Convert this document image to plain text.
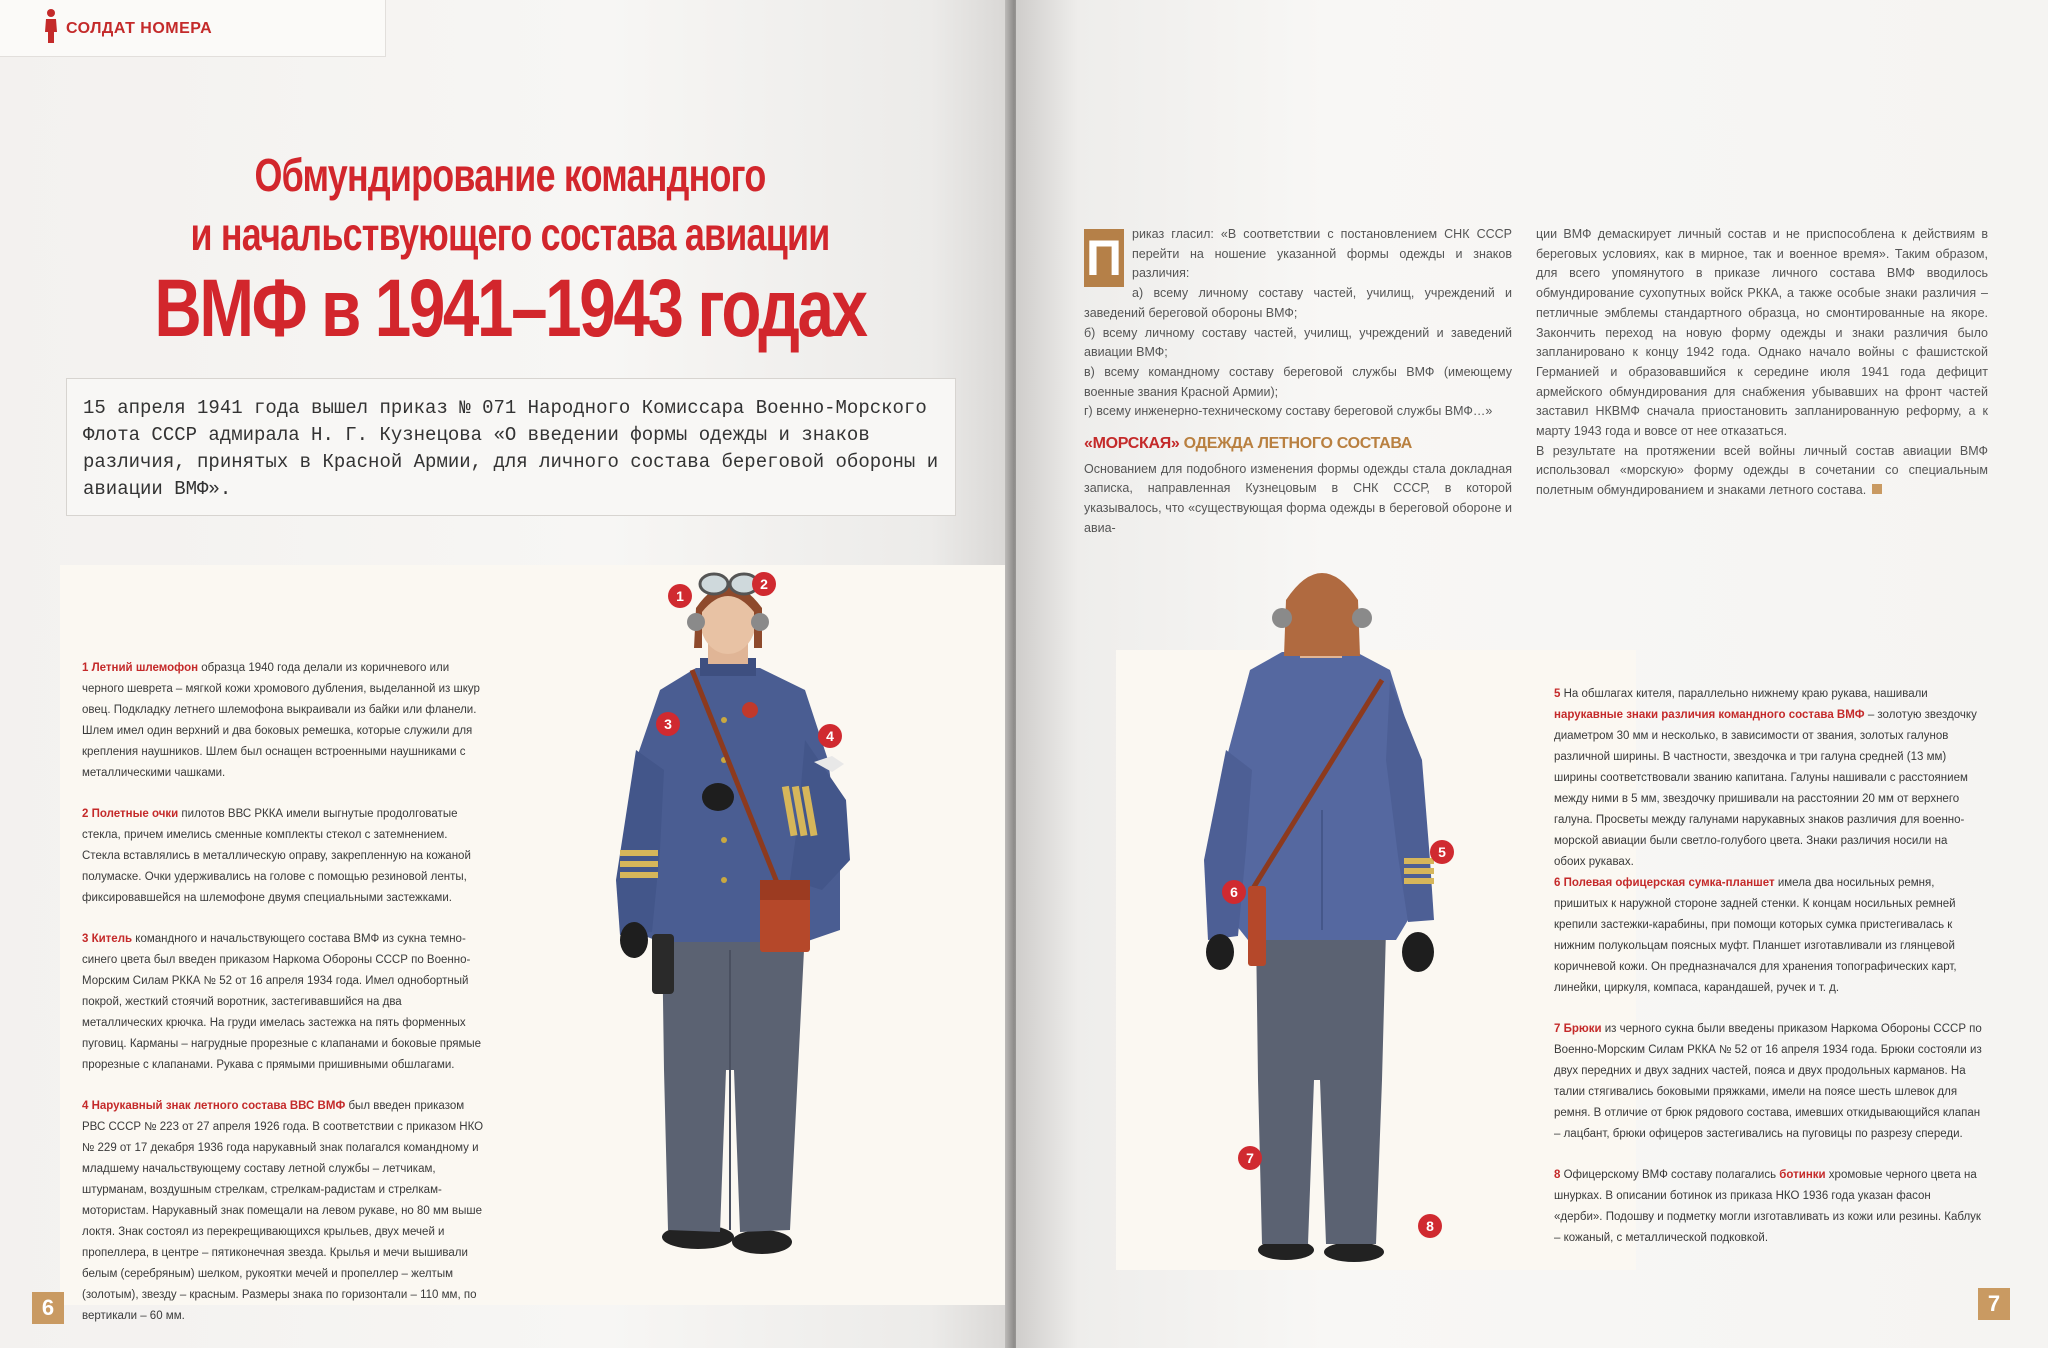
СОЛДАТ НОМЕРА
Обмундирование командного
и начальствующего состава авиации
ВМФ в 1941–1943 годах

15 апреля 1941 года вышел приказ № 071 Народного Комиссара Военно-Морского Флота СССР адмирала Н. Г. Кузнецова «О введении формы одежды и знаков различия, принятых в Красной Армии, для личного состава береговой обороны и авиации ВМФ».

1 Летний шлемофон образца 1940 года делали из коричневого или черного шеврета – мягкой кожи хромового дубления, выделанной из шкур овец. Подкладку летнего шлемофона выкраивали из байки или фланели. Шлем имел один верхний и два боковых ремешка, которые служили для крепления наушников. Шлем был оснащен встроенными наушниками с металлическими чашками.

2 Полетные очки пилотов ВВС РККА имели выгнутые продолговатые стекла, причем имелись сменные комплекты стекол с затемнением. Стекла вставлялись в металлическую оправу, закрепленную на кожаной полумаске. Очки удерживались на голове с помощью резиновой ленты, фиксировавшейся на шлемофоне двумя специальными застежками.

3 Китель командного и начальствующего состава ВМФ из сукна темно-синего цвета был введен приказом Наркома Обороны СССР по Военно-Морским Силам РККА № 52 от 16 апреля 1934 года. Имел однобортный покрой, жесткий стоячий воротник, застегивавшийся на два металлических крючка. На груди имелась застежка на пять форменных пуговиц. Карманы – нагрудные прорезные с клапанами и боковые прямые прорезные с клапанами. Рукава с прямыми пришивными обшлагами.

4 Нарукавный знак летного состава ВВС ВМФ был введен приказом РВС СССР № 223 от 27 апреля 1926 года. В соответствии с приказом НКО № 229 от 17 декабря 1936 года нарукавный знак полагался командному и младшему начальствующему составу летной службы – летчикам, штурманам, воздушным стрелкам, стрелкам-радистам и стрелкам-мотористам. Нарукавный знак помещали на левом рукаве, но 80 мм выше локтя. Знак состоял из перекрещивающихся крыльев, двух мечей и пропеллера, в центре – пятиконечная звезда. Крылья и мечи вышивали белым (серебряным) шелком, рукоятки мечей и пропеллер – желтым (золотым), звезду – красным. Размеры знака по горизонтали – 110 мм, по вертикали – 60 мм.

1
2
3
4
6

П риказ гласил: «В соответствии с постановлением СНК СССР перейти на ношение указанной формы одежды и знаков различия:

а) всему личному составу частей, училищ, учреждений и заведений береговой обороны ВМФ;

б) всему личному составу частей, училищ, учреждений и заведений авиации ВМФ;

в) всему командному составу береговой службы ВМФ (имеющему военные звания Красной Армии);

г) всему инженерно-техническому составу береговой службы ВМФ…»

«МОРСКАЯ» ОДЕЖДА ЛЕТНОГО СОСТАВА

Основанием для подобного изменения формы одежды стала докладная записка, направленная Кузнецовым в СНК СССР, в которой указывалось, что «существующая форма одежды в береговой обороне и авиа-

ции ВМФ демаскирует личный состав и не приспособлена к действиям в береговых условиях, как в мирное, так и военное время». Таким образом, для всего упомянутого в приказе личного состава ВМФ вводилось обмундирование сухопутных войск РККА, а также особые знаки различия – петличные эмблемы стандартного образца, но смонтированные на якоре. Закончить переход на новую форму одежды и знаки различия было запланировано к концу 1942 года. Однако начало войны с фашистской Германией и образовавшийся к середине июля 1941 года дефицит армейского обмундирования для снабжения убывавших на фронт частей заставил НКВМФ сначала приостановить запланированную реформу, а к марту 1943 года и вовсе от нее отказаться.

В результате на протяжении всей войны личный состав авиации ВМФ использовал «морскую» форму одежды в сочетании со специальным полетным обмундированием и знаками летного состава.

5
6
7
8

5 На обшлагах кителя, параллельно нижнему краю рукава, нашивали нарукавные знаки различия командного состава ВМФ – золотую звездочку диаметром 30 мм и несколько, в зависимости от звания, золотых галунов различной ширины. В частности, звездочка и три галуна средней (13 мм) ширины соответствовали званию капитана. Галуны нашивали с расстоянием между ними в 5 мм, звездочку пришивали на расстоянии 20 мм от верхнего галуна. Просветы между галунами нарукавных знаков различия для военно-морской авиации были светло-голубого цвета. Знаки различия носили на обоих рукавах.

6 Полевая офицерская сумка-планшет имела два носильных ремня, пришитых к наружной стороне задней стенки. К концам носильных ремней крепили застежки-карабины, при помощи которых сумка пристегивалась к нижним полукольцам поясных муфт. Планшет изготавливали из глянцевой коричневой кожи. Он предназначался для хранения топографических карт, линейки, циркуля, компаса, карандашей, ручек и т. д.

7 Брюки из черного сукна были введены приказом Наркома Обороны СССР по Военно-Морским Силам РККА № 52 от 16 апреля 1934 года. Брюки состояли из двух передних и двух задних частей, пояса и двух продольных карманов. На талии стягивались боковыми пряжками, имели на поясе шесть шлевок для ремня. В отличие от брюк рядового состава, имевших откидывающийся клапан – лацбант, брюки офицеров застегивались на пуговицы по разрезу спереди.

8 Офицерскому ВМФ составу полагались ботинки хромовые черного цвета на шнурках. В описании ботинок из приказа НКО 1936 года указан фасон «дерби». Подошву и подметку могли изготавливать из кожи или резины. Каблук – кожаный, с металлической подковкой.

7
